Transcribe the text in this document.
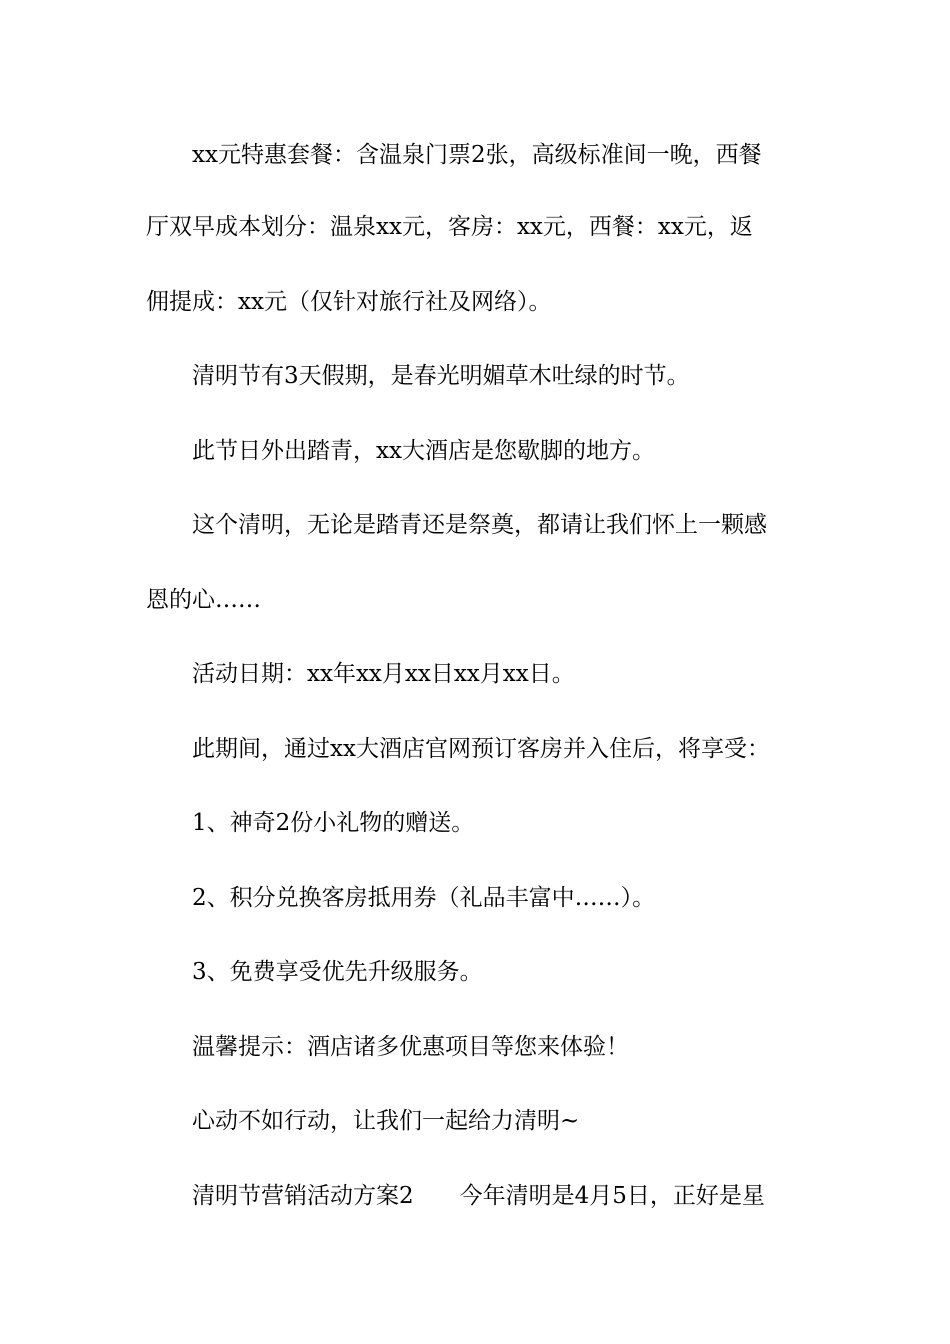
xx元特惠套餐：含温泉门票2张，高级标准间一晚，西餐
厅双早成本划分：温泉xx元，客房：xx元，西餐：xx元，返
佣提成：xx元（仅针对旅行社及网络）。
清明节有3天假期，是春光明媚草木吐绿的时节。
此节日外出踏青，xx大酒店是您歇脚的地方。
这个清明，无论是踏青还是祭奠，都请让我们怀上一颗感
恩的心……
活动日期：xx年xx月xx日xx月xx日。
此期间，通过xx大酒店官网预订客房并入住后，将享受：
1、神奇2份小礼物的赠送。
2、积分兑换客房抵用券（礼品丰富中……）。
3、免费享受优先升级服务。
温馨提示：酒店诸多优惠项目等您来体验！
心动不如行动，让我们一起给力清明~
清明节营销活动方案2　　今年清明是4月5日，正好是星
